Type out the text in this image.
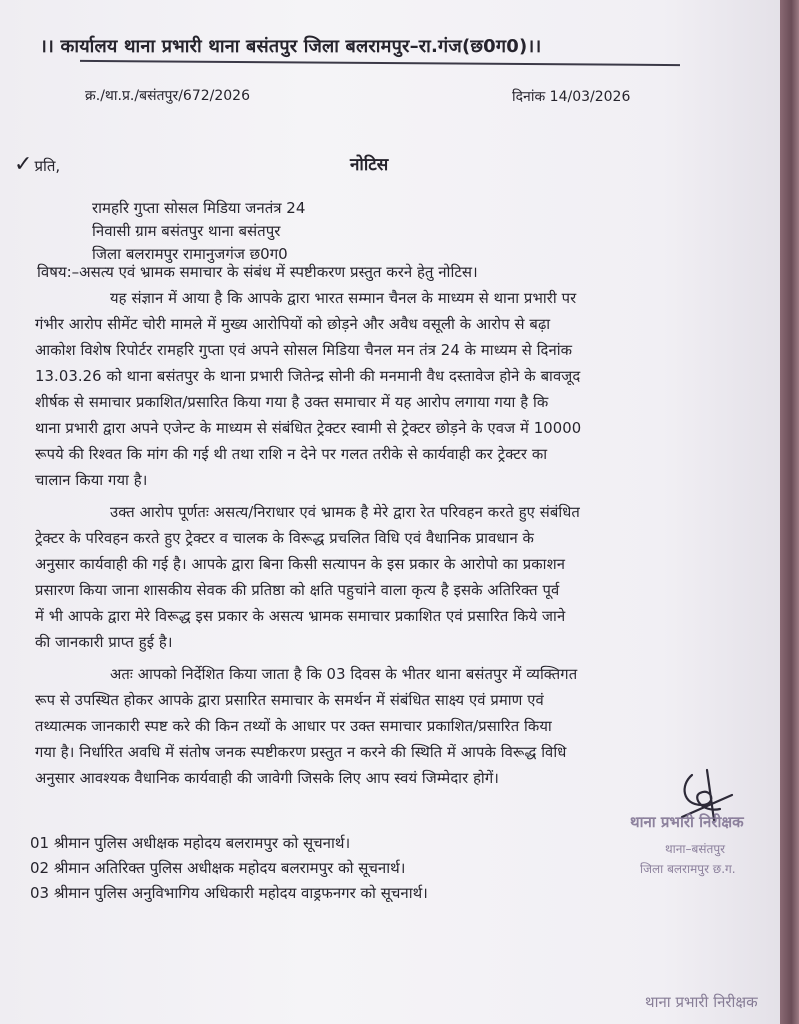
।। कार्यालय थाना प्रभारी थाना बसंतपुर जिला बलरामपुर–रा.गंज(छ0ग0)।।
क्र./था.प्र./बसंतपुर/672/2026	दिनांक 14/03/2026
✓ प्रति,	नोटिस
रामहरि गुप्ता सोसल मिडिया जनतंत्र 24
निवासी ग्राम बसंतपुर थाना बसंतपुर
जिला बलरामपुर रामानुजगंज छ0ग0
विषय:–असत्य एवं भ्रामक समाचार के संबंध में स्पष्टीकरण प्रस्तुत करने हेतु नोटिस।
यह संज्ञान में आया है कि आपके द्वारा भारत सम्मान चैनल के माध्यम से थाना प्रभारी पर
गंभीर आरोप सीमेंट चोरी मामले में मुख्य आरोपियों को छोड़ने और अवैध वसूली के आरोप से बढ़ा
आकोश विशेष रिपोर्टर रामहरि गुप्ता एवं अपने सोसल मिडिया चैनल मन तंत्र 24 के माध्यम से दिनांक
13.03.26 को थाना बसंतपुर के थाना प्रभारी जितेन्द्र सोनी की मनमानी वैध दस्तावेज होने के बावजूद
शीर्षक से समाचार प्रकाशित/प्रसारित किया गया है उक्त समाचार में यह आरोप लगाया गया है कि
थाना प्रभारी द्वारा अपने एजेन्ट के माध्यम से संबंधित ट्रेक्टर स्वामी से ट्रेक्टर छोड़ने के एवज में 10000
रूपये की रिश्वत कि मांग की गई थी तथा राशि न देने पर गलत तरीके से कार्यवाही कर ट्रेक्टर का
चालान किया गया है।
उक्त आरोप पूर्णतः असत्य/निराधार एवं भ्रामक है मेरे द्वारा रेत परिवहन करते हुए संबंधित
ट्रेक्टर के परिवहन करते हुए ट्रेक्टर व चालक के विरूद्ध प्रचलित विधि एवं वैधानिक प्रावधान के
अनुसार कार्यवाही की गई है। आपके द्वारा बिना किसी सत्यापन के इस प्रकार के आरोपो का प्रकाशन
प्रसारण किया जाना शासकीय सेवक की प्रतिष्ठा को क्षति पहुचांने वाला कृत्य है इसके अतिरिक्त पूर्व
में भी आपके द्वारा मेरे विरूद्ध इस प्रकार के असत्य भ्रामक समाचार प्रकाशित एवं प्रसारित किये जाने
की जानकारी प्राप्त हुई है।
अतः आपको निर्देशित किया जाता है कि 03 दिवस के भीतर थाना बसंतपुर में व्यक्तिगत
रूप से उपस्थित होकर आपके द्वारा प्रसारित समाचार के समर्थन में संबंधित साक्ष्य एवं प्रमाण एवं
तथ्यात्मक जानकारी स्पष्ट करे की किन तथ्यों के आधार पर उक्त समाचार प्रकाशित/प्रसारित किया
गया है। निर्धारित अवधि में संतोष जनक स्पष्टीकरण प्रस्तुत न करने की स्थिति में आपके विरूद्ध विधि
अनुसार आवश्यक वैधानिक कार्यवाही की जावेगी जिसके लिए आप स्वयं जिम्मेदार होगें।
थाना प्रभारी निरीक्षक
थाना–बसंतपुर
जिला बलरामपुर छ.ग.
01 श्रीमान पुलिस अधीक्षक महोदय बलरामपुर को सूचनार्थ।
02 श्रीमान अतिरिक्त पुलिस अधीक्षक महोदय बलरामपुर को सूचनार्थ।
03 श्रीमान पुलिस अनुविभागिय अधिकारी महोदय वाड्रफनगर को सूचनार्थ।
थाना प्रभारी निरीक्षक
